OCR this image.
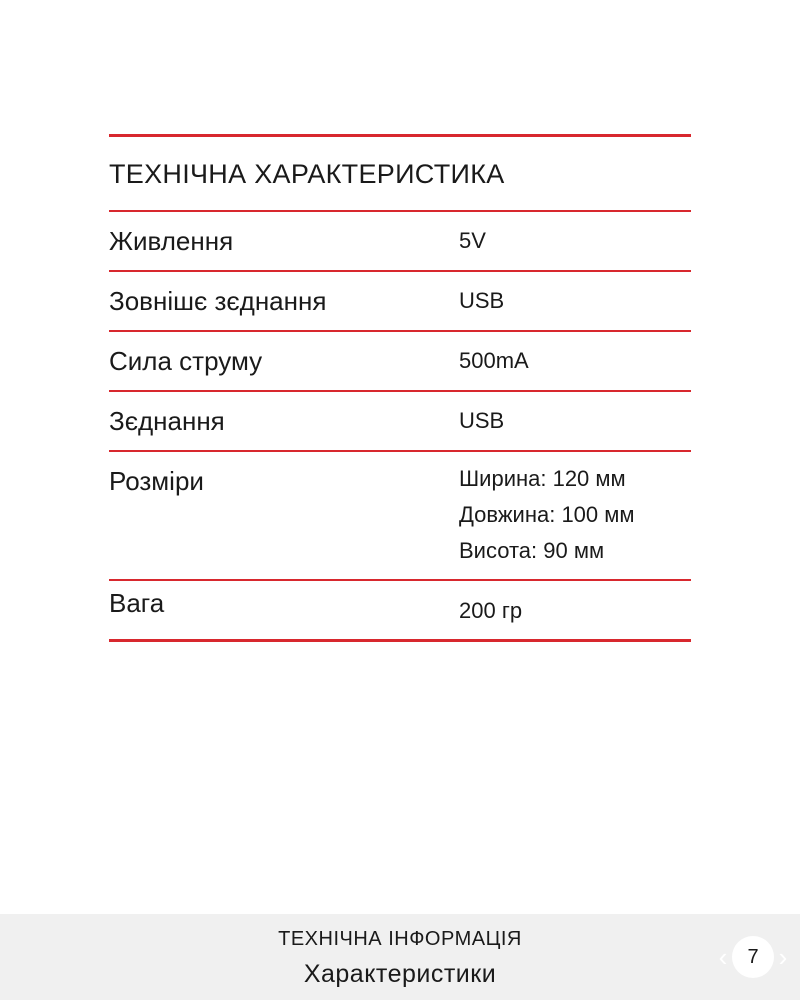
ТЕХНІЧНА ХАРАКТЕРИСТИКА
Живлення	5V
Зовнішє зєднання	USB
Сила струму	500mA
Зєднання	USB
Розміри	Ширина: 120 мм
Довжина: 100 мм
Висота: 90 мм
Вага	200 гр
ТЕХНІЧНА ІНФОРМАЦІЯ
Характеристики
‹	7 ›
